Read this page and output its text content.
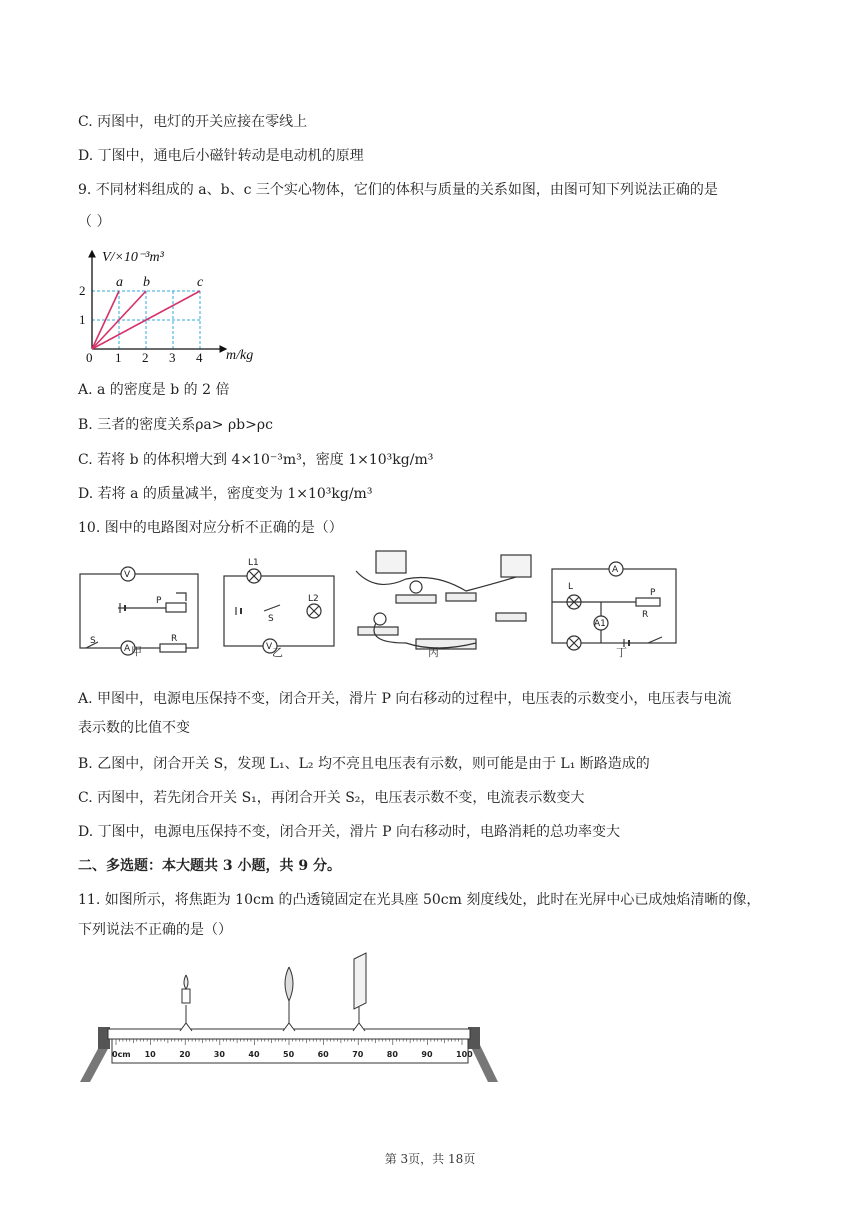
C. 丙图中，电灯的开关应接在零线上
D. 丁图中，通电后小磁针转动是电动机的原理
9. 不同材料组成的 a、b、c 三个实心物体，它们的体积与质量的关系如图，由图可知下列说法正确的是
（ ）
a b	c
1 2 3 4
1
2
V/×10⁻³m³
m/kg
0
A. a 的密度是 b 的 2 倍
B. 三者的密度关系ρa> ρb>ρc
C. 若将 b 的体积增大到 4×10⁻³m³，密度 1×10³kg/m³
D. 若将 a 的质量减半，密度变为 1×10³kg/m³
10. 图中的电路图对应分析不正确的是（）
V
A
P
R
S
L1
L2
S
V
A
L
P
R
A1
甲	乙	丙	丁
A. 甲图中，电源电压保持不变，闭合开关，滑片 P 向右移动的过程中，电压表的示数变小，电压表与电流
表示数的比值不变
B. 乙图中，闭合开关 S，发现 L₁、L₂ 均不亮且电压表有示数，则可能是由于 L₁ 断路造成的
C. 丙图中，若先闭合开关 S₁，再闭合开关 S₂，电压表示数不变，电流表示数变大
D. 丁图中，电源电压保持不变，闭合开关，滑片 P 向右移动时，电路消耗的总功率变大
二、多选题：本大题共 3 小题，共 9 分。
11. 如图所示，将焦距为 10cm 的凸透镜固定在光具座 50cm 刻度线处，此时在光屏中心已成烛焰清晰的像，
下列说法不正确的是（）
0cm 10	20	30	40	50	60	70	80	90	100
第 3页，共 18页
